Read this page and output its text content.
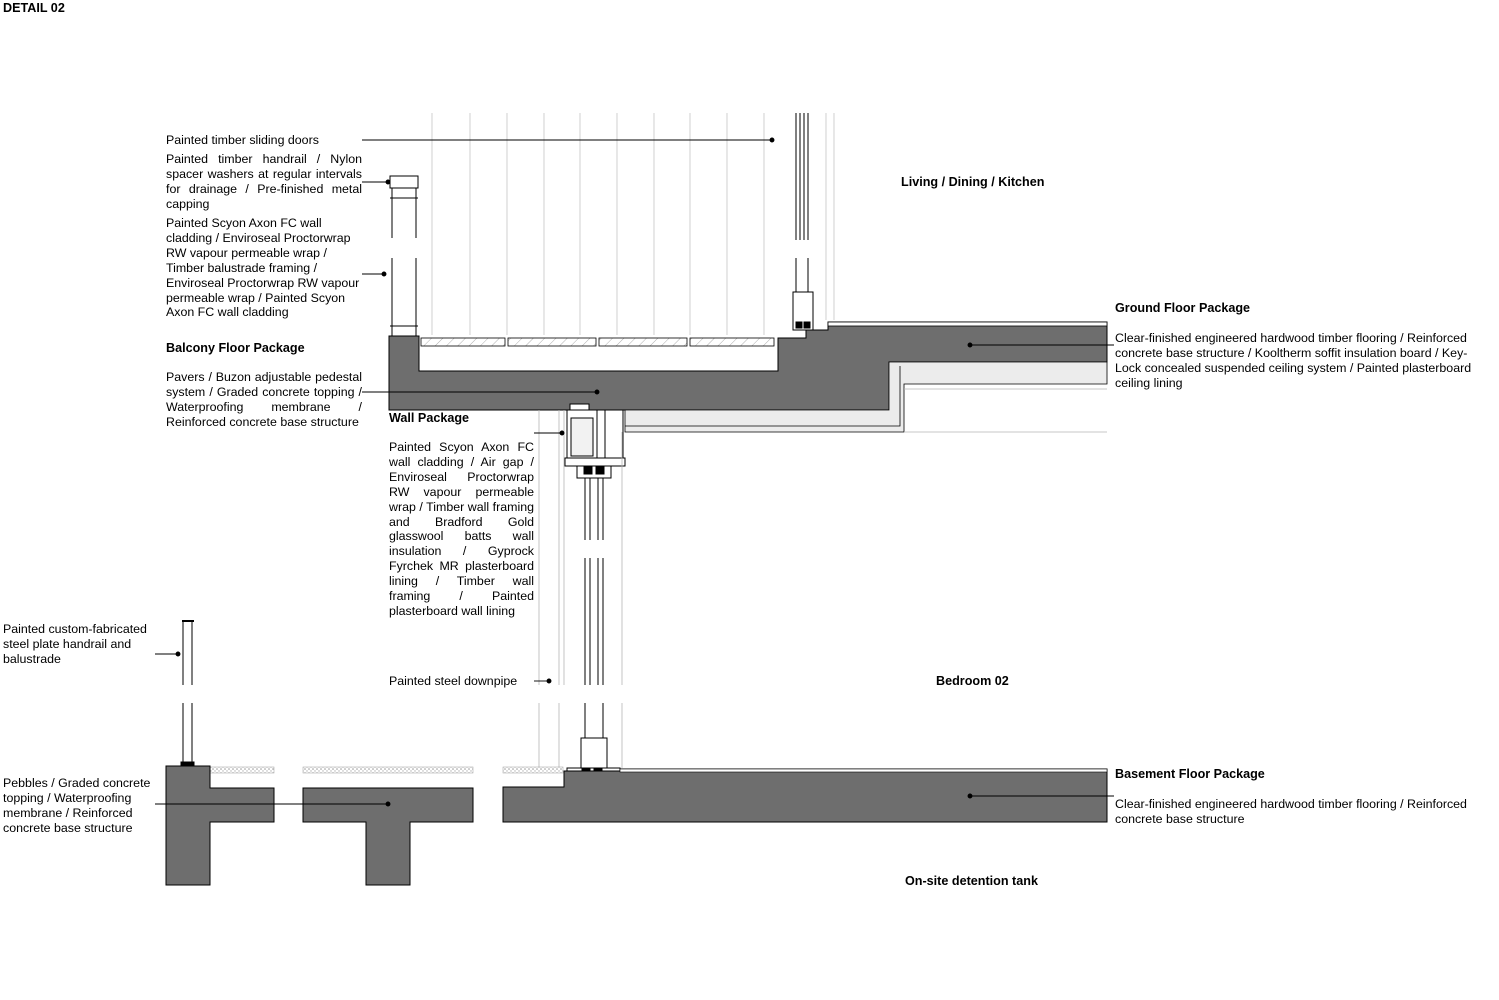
DETAIL 02

Painted timber sliding doors

Painted timber handrail / Nylon spacer washers at regular intervals for drainage / Pre-finished metal capping

Painted Scyon Axon FC wall cladding / Enviroseal Proctorwrap RW vapour permeable wrap / Timber balustrade framing / Enviroseal Proctorwrap RW vapour permeable wrap / Painted Scyon Axon FC wall cladding

Balcony Floor Package

Pavers / Buzon adjustable pedestal system / Graded concrete topping / Waterproofing membrane / Reinforced concrete base structure Wall Package

Painted Scyon Axon FC wall cladding / Air gap / Enviroseal Proctorwrap RW vapour permeable wrap / Timber wall framing and Bradford Gold glasswool batts wall insulation / Gyprock Fyrchek MR plasterboard lining / Timber wall framing / Painted plasterboard wall lining

Painted steel downpipe

Painted custom-fabricated steel plate handrail and balustrade

Pebbles / Graded concrete topping / Waterproofing membrane / Reinforced concrete base structure

Ground Floor Package

Clear-finished engineered hardwood timber flooring / Reinforced concrete base structure / Kooltherm soffit insulation board / Key-Lock concealed suspended ceiling system / Painted plasterboard ceiling lining

Basement Floor Package

Clear-finished engineered hardwood timber flooring / Reinforced concrete base structure

Living / Dining / Kitchen

Bedroom 02

On-site detention tank
